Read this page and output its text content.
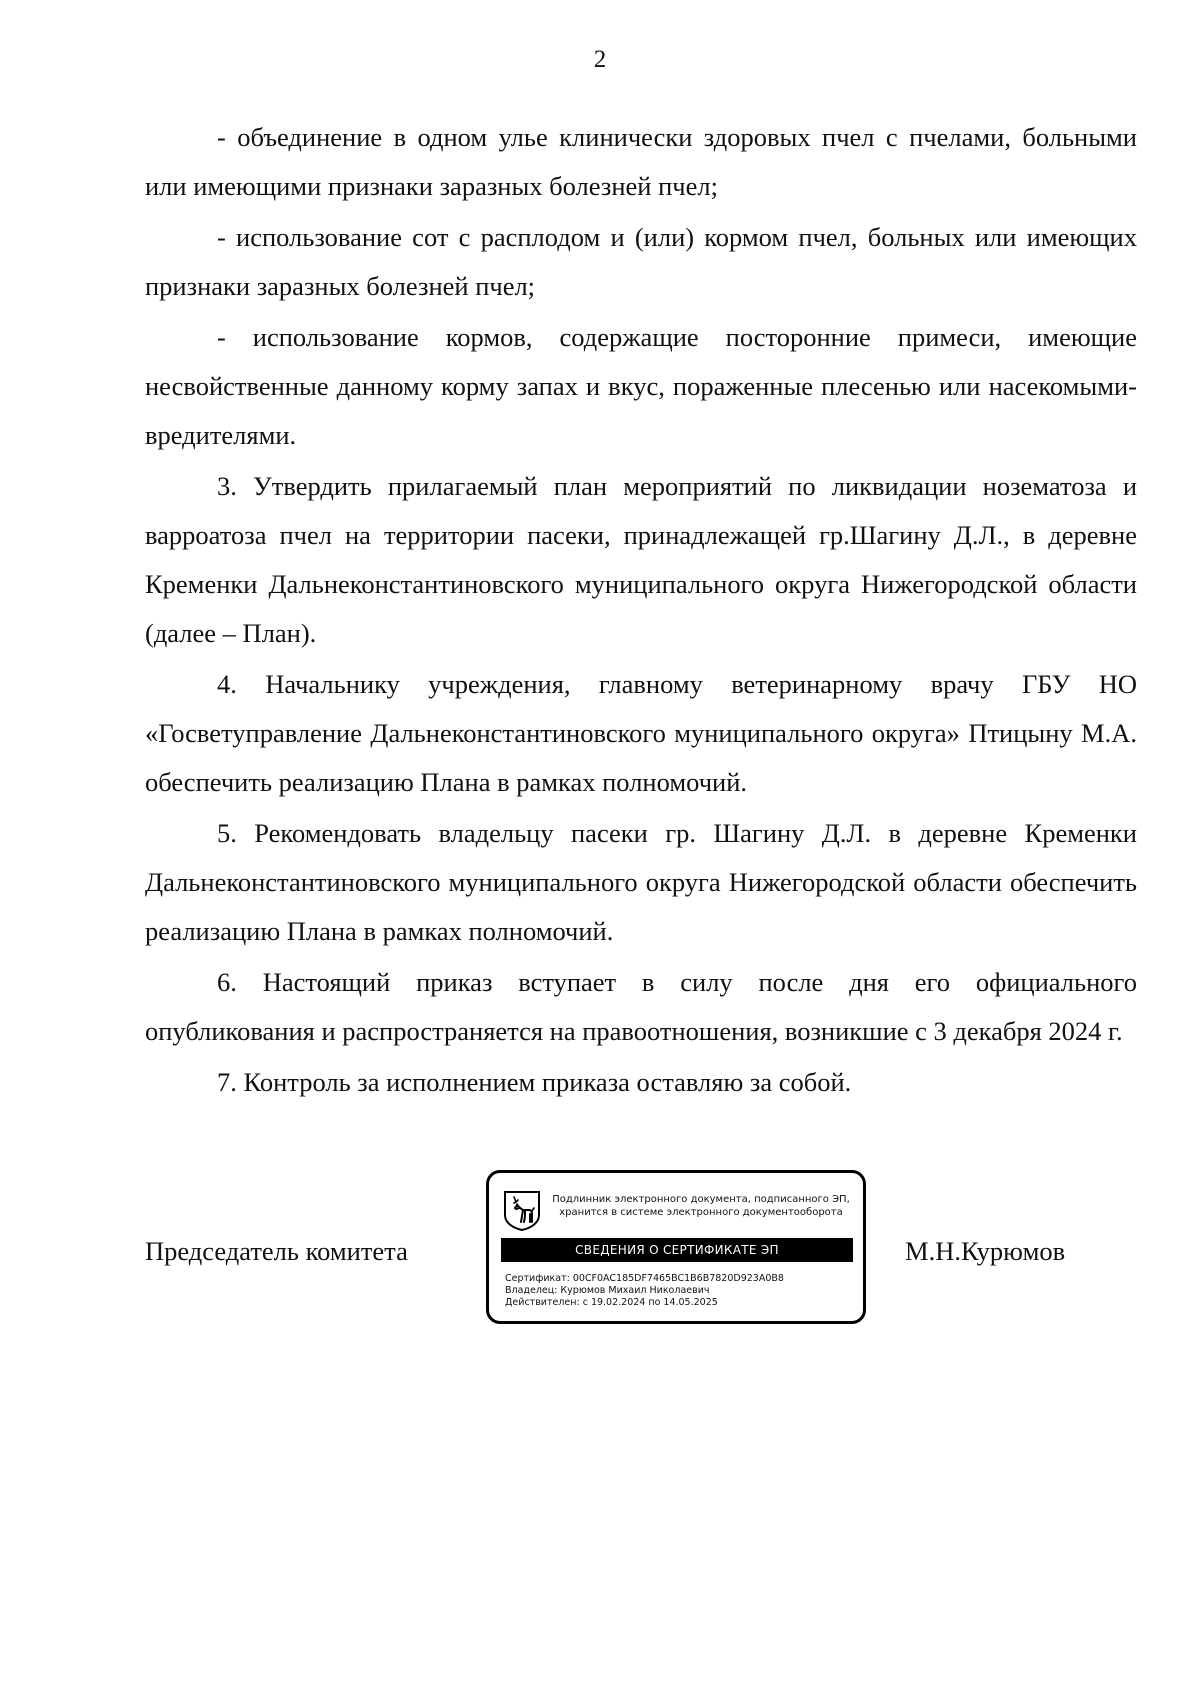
2

- объединение в одном улье клинически здоровых пчел с пчелами, больными или имеющими признаки заразных болезней пчел;

- использование сот с расплодом и (или) кормом пчел, больных или имеющих признаки заразных болезней пчел;

- использование кормов, содержащие посторонние примеси, имеющие несвойственные данному корму запах и вкус, пораженные плесенью или насекомыми-вредителями.

3. Утвердить прилагаемый план мероприятий по ликвидации нозематоза и варроатоза пчел на территории пасеки, принадлежащей гр.Шагину Д.Л., в деревне Кременки Дальнеконстантиновского муниципального округа Нижегородской области (далее – План).

4. Начальнику учреждения, главному ветеринарному врачу ГБУ НО «Госветуправление Дальнеконстантиновского муниципального округа» Птицыну М.А. обеспечить реализацию Плана в рамках полномочий.

5. Рекомендовать владельцу пасеки гр. Шагину Д.Л. в деревне Кременки Дальнеконстантиновского муниципального округа Нижегородской области обеспечить реализацию Плана в рамках полномочий.

6. Настоящий приказ вступает в силу после дня его официального опубликования и распространяется на правоотношения, возникшие с 3 декабря 2024 г.

7. Контроль за исполнением приказа оставляю за собой.

Председатель комитета
Подлинник электронного документа, подписанного ЭП,
хранится в системе электронного документооборота
СВЕДЕНИЯ О СЕРТИФИКАТЕ ЭП
Сертификат: 00CF0AC185DF7465BC1B6B7820D923A0B8
Владелец: Курюмов Михаил Николаевич
Действителен: с 19.02.2024 по 14.05.2025
М.Н.Курюмов
